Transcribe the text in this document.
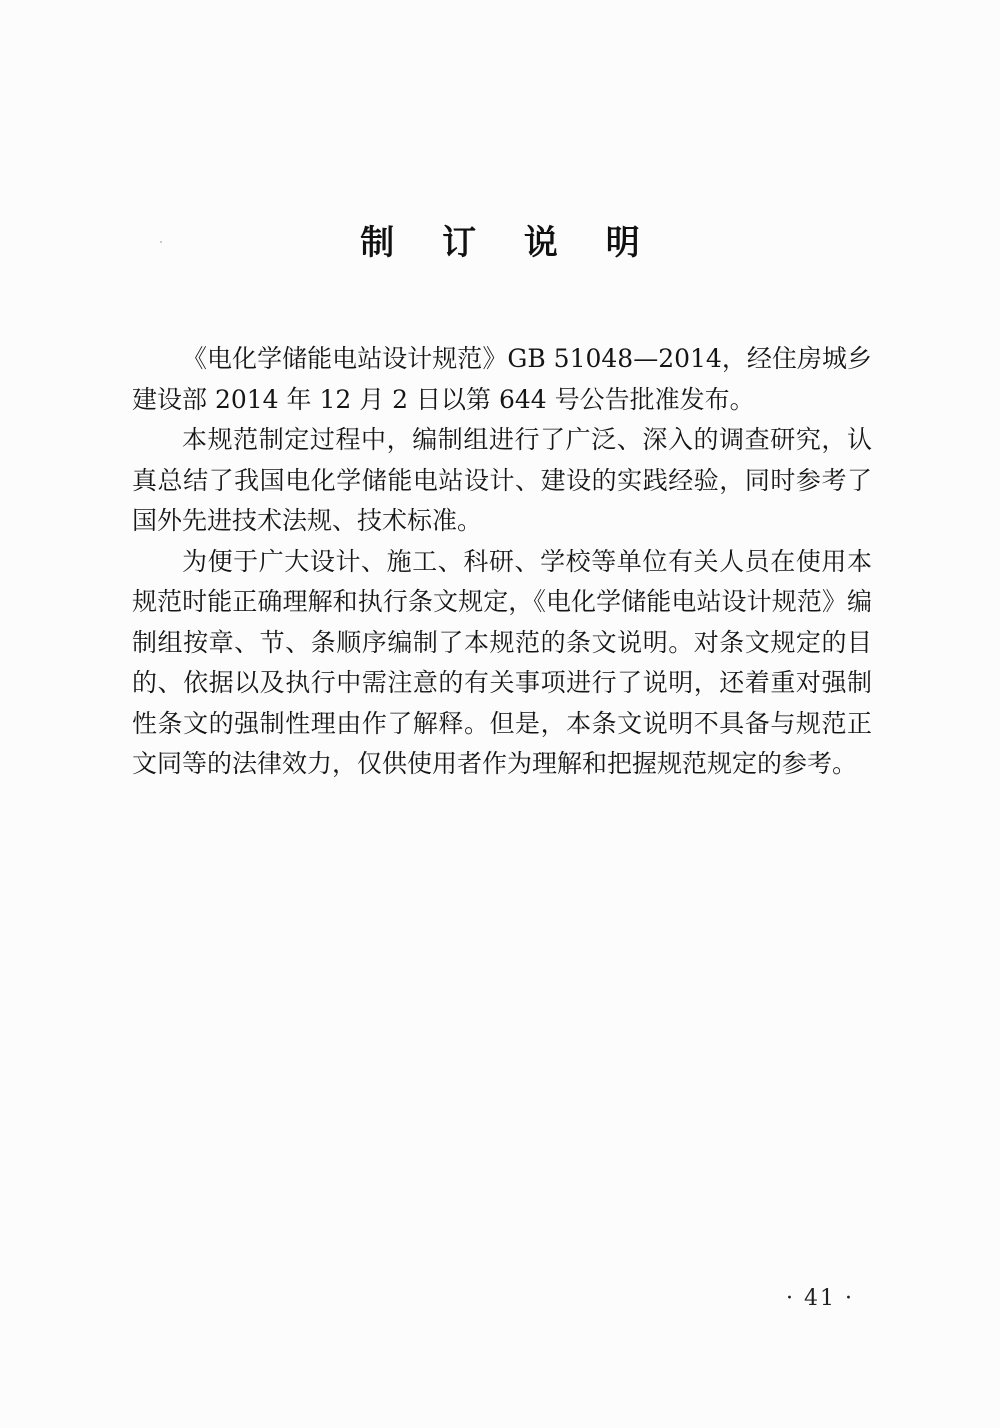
制 订 说 明

《电化学储能电站设计规范》GB 51048—2014，经住房城乡建设部 2014 年 12 月 2 日以第 644 号公告批准发布。

本规范制定过程中，编制组进行了广泛、深入的调查研究，认真总结了我国电化学储能电站设计、建设的实践经验，同时参考了国外先进技术法规、技术标准。

为便于广大设计、施工、科研、学校等单位有关人员在使用本规范时能正确理解和执行条文规定，《电化学储能电站设计规范》编制组按章、节、条顺序编制了本规范的条文说明。对条文规定的目的、依据以及执行中需注意的有关事项进行了说明，还着重对强制性条文的强制性理由作了解释。但是，本条文说明不具备与规范正文同等的法律效力，仅供使用者作为理解和把握规范规定的参考。

· 41 ·
